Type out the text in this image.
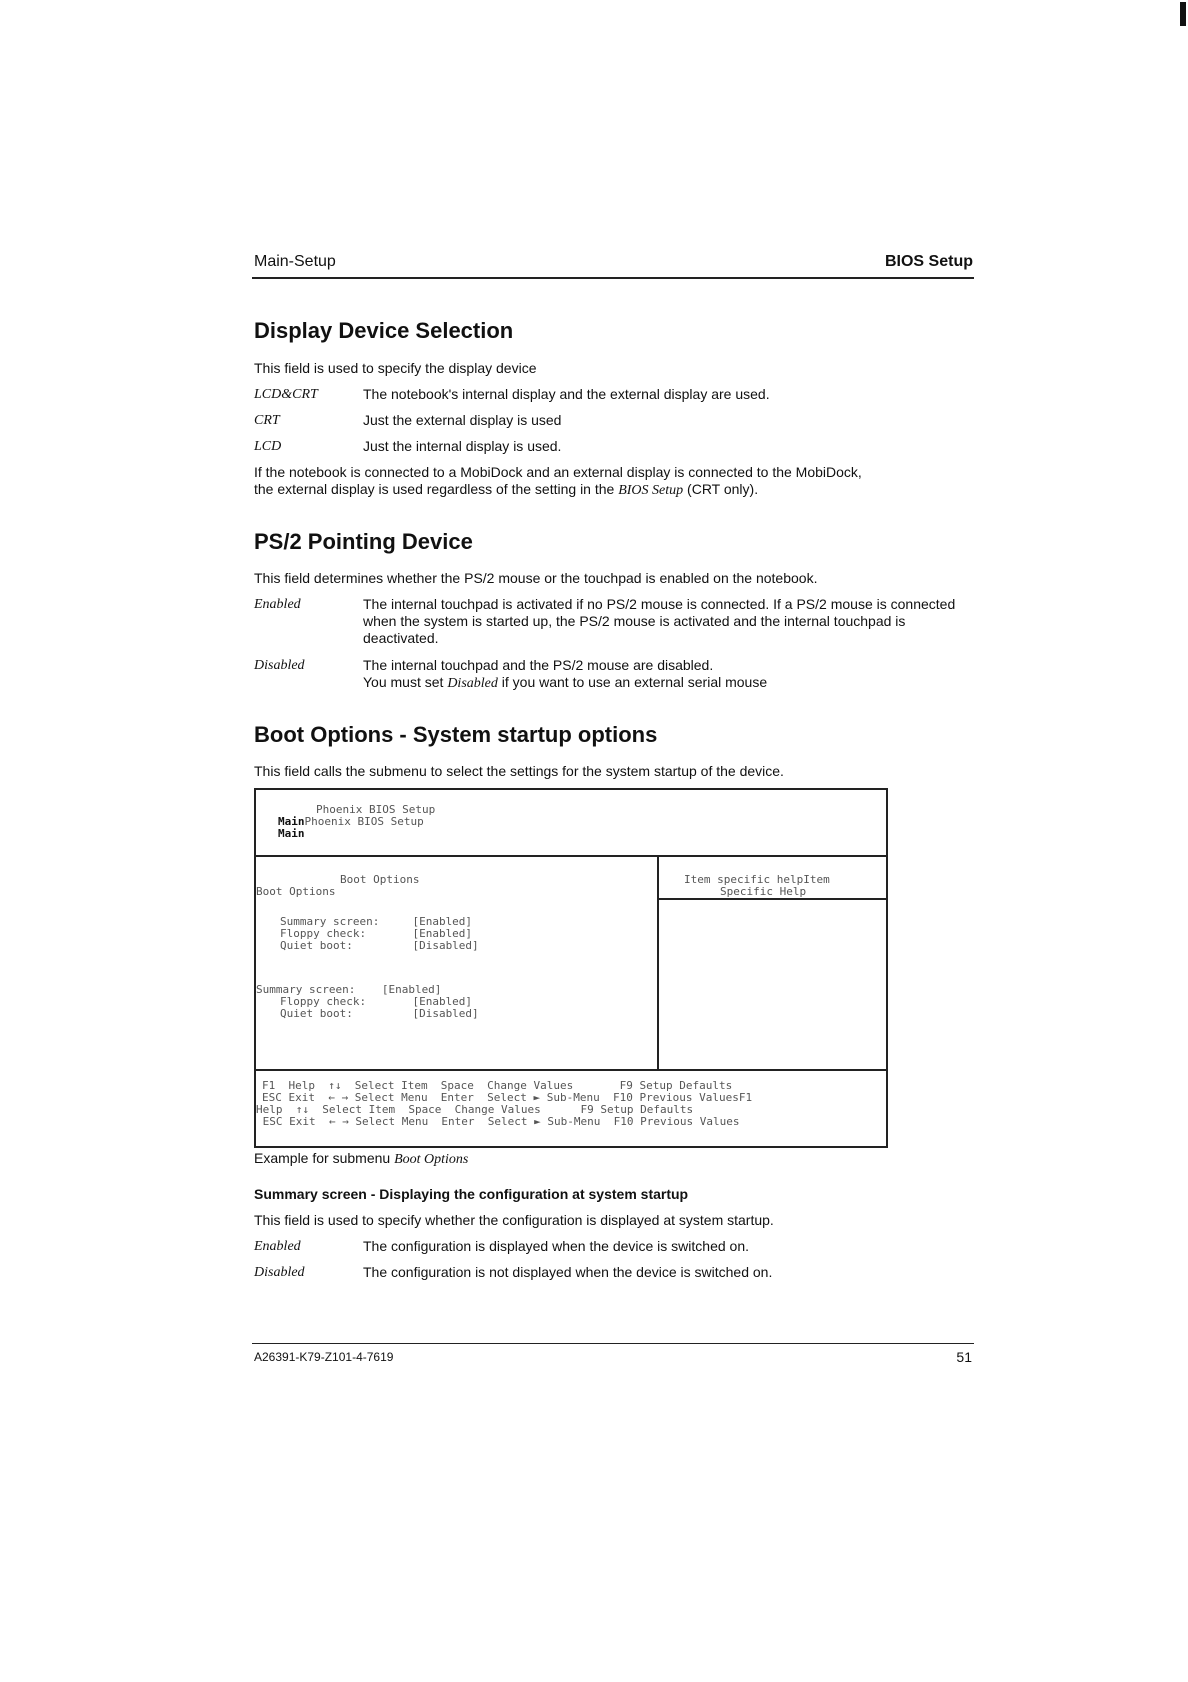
Main-Setup	BIOS Setup
Display Device Selection
This field is used to specify the display device
LCD&CRT	The notebook's internal display and the external display are used.
CRT	Just the external display is used
LCD	Just the internal display is used.
If the notebook is connected to a MobiDock and an external display is connected to the MobiDock,
the external display is used regardless of the setting in the BIOS Setup (CRT only).
PS/2 Pointing Device
This field determines whether the PS/2 mouse or the touchpad is enabled on the notebook.
Enabled	The internal touchpad is activated if no PS/2 mouse is connected. If a PS/2 mouse is connected when the system is started up, the PS/2 mouse is activated and the internal touchpad is deactivated.
Disabled	The internal touchpad and the PS/2 mouse are disabled.
You must set Disabled if you want to use an external serial mouse
Boot Options - System startup options
This field calls the submenu to select the settings for the system startup of the device.
Phoenix BIOS Setup
MainPhoenix BIOS Setup
Main
Boot Options
Boot Options
Item specific helpItem
Specific Help
Summary screen:     [Enabled]
Floppy check:       [Enabled]
Quiet boot:         [Disabled]
Summary screen:    [Enabled]
Floppy check:       [Enabled]
Quiet boot:         [Disabled]
F1  Help  ↑↓  Select Item  Space  Change Values       F9 Setup Defaults
ESC Exit  ← → Select Menu  Enter  Select ► Sub-Menu  F10 Previous ValuesF1
Help  ↑↓  Select Item  Space  Change Values      F9 Setup Defaults
ESC Exit  ← → Select Menu  Enter  Select ► Sub-Menu  F10 Previous Values
Example for submenu Boot Options
Summary screen - Displaying the configuration at system startup
This field is used to specify whether the configuration is displayed at system startup.
Enabled	The configuration is displayed when the device is switched on.
Disabled	The configuration is not displayed when the device is switched on.
A26391-K79-Z101-4-7619	51
